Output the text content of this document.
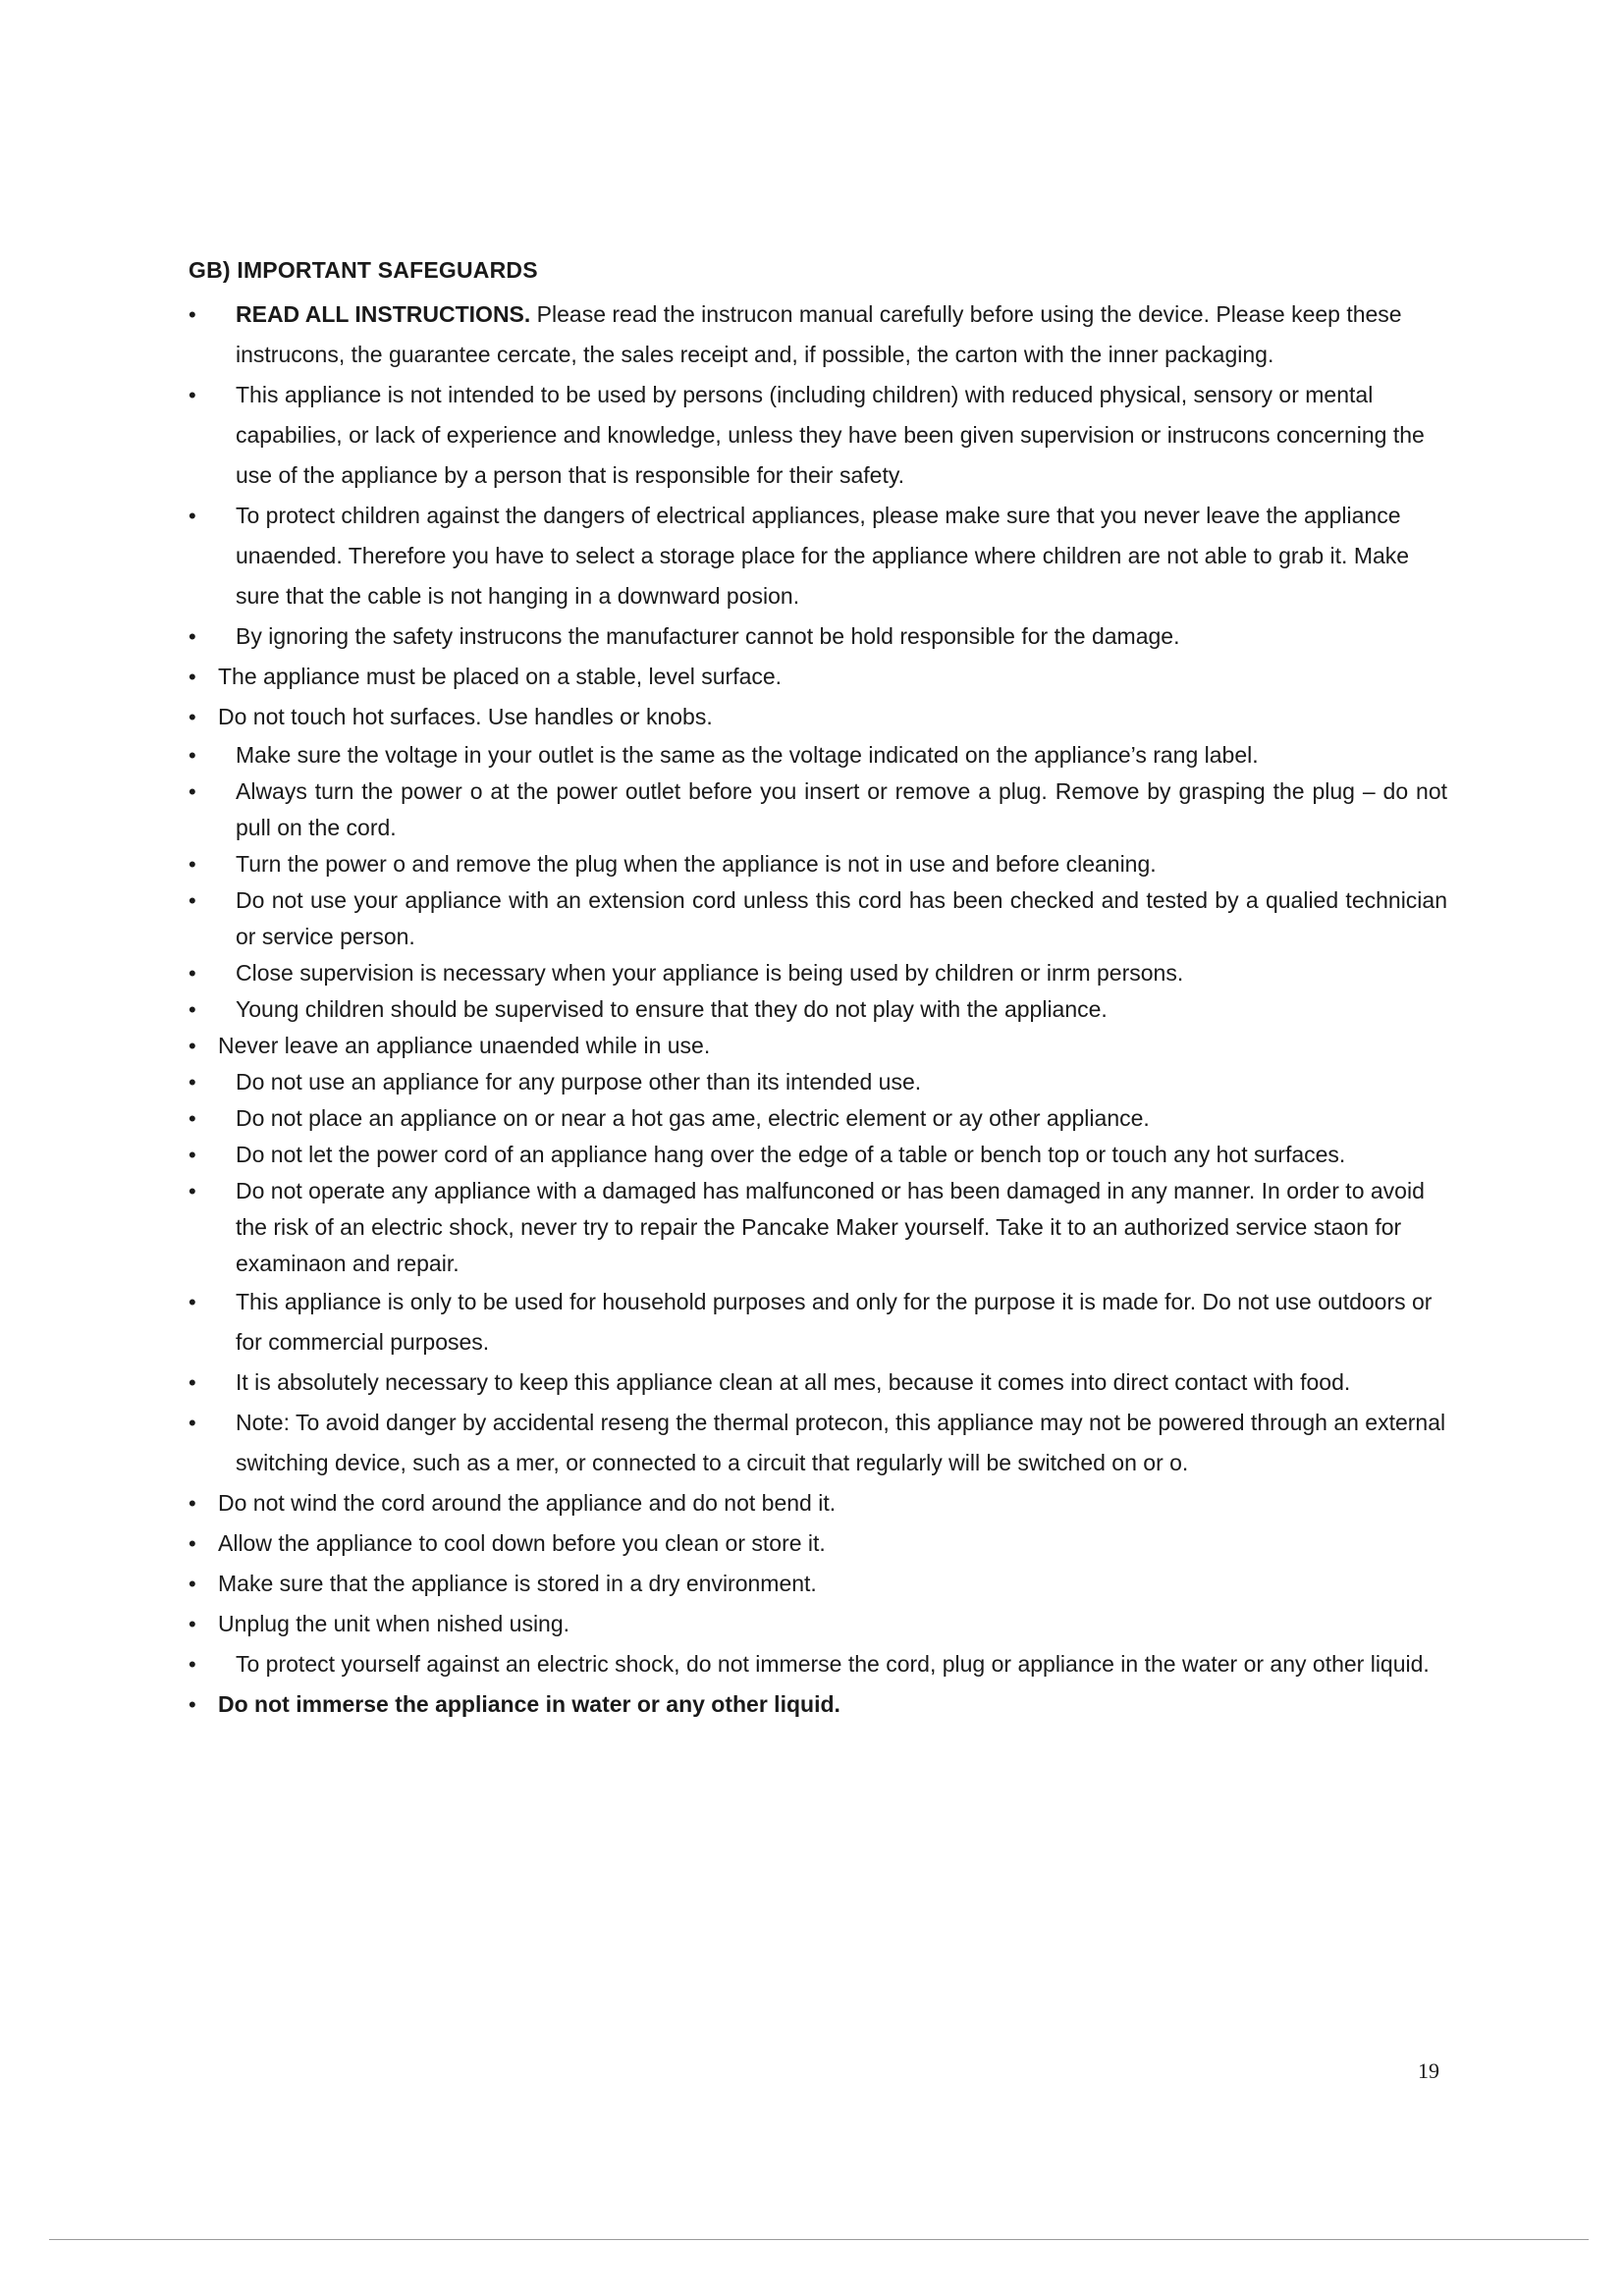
GB) IMPORTANT SAFEGUARDS
•	READ ALL INSTRUCTIONS. Please read the instrucon manual carefully before using the device. Please keep these instrucons, the guarantee cercate, the sales receipt and, if possible, the carton with the inner packaging.
•	This appliance is not intended to be used by persons (including children) with reduced physical, sensory or mental capabilies, or lack of experience and knowledge, unless they have been given supervision or instrucons concerning the use of the appliance by a person that is responsible for their safety.
•	To protect children against the dangers of electrical appliances, please make sure that you never leave the appliance unaended. Therefore you have to select a storage place for the appliance where children are not able to grab it. Make sure that the cable is not hanging in a downward posion.
•	By ignoring the safety instrucons the manufacturer cannot be hold responsible for the damage.
• The appliance must be placed on a stable, level surface.
• Do not touch hot surfaces. Use handles or knobs.
•	Make sure the voltage in your outlet is the same as the voltage indicated on the appliance’s rang label.
•	Always turn the power o at the power outlet before you insert or remove a plug. Remove by grasping the plug – do not pull on the cord.
•	Turn the power o and remove the plug when the appliance is not in use and before cleaning.
•	Do not use your appliance with an extension cord unless this cord has been checked and tested by a qualied technician or service person.
•	Close supervision is necessary when your appliance is being used by children or inrm persons.
•	Young children should be supervised to ensure that they do not play with the appliance.
• Never leave an appliance unaended while in use.
•	Do not use an appliance for any purpose other than its intended use.
•	Do not place an appliance on or near a hot gas ame, electric element or ay other appliance.
•	Do not let the power cord of an appliance hang over the edge of a table or bench top or touch any hot surfaces.
•	Do not operate any appliance with a damaged has malfunconed or has been damaged in any manner. In order to avoid the risk of an electric shock, never try to repair the Pancake Maker yourself. Take it to an authorized service staon for examinaon and repair.
•	This appliance is only to be used for household purposes and only for the purpose it is made for. Do not use outdoors or for commercial purposes.
•	It is absolutely necessary to keep this appliance clean at all mes, because it comes into direct contact with food.
•	Note: To avoid danger by accidental reseng the thermal protecon, this appliance may not be powered through an external switching device, such as a mer, or connected to a circuit that regularly will be switched on or o.
• Do not wind the cord around the appliance and do not bend it.
• Allow the appliance to cool down before you clean or store it.
• Make sure that the appliance is stored in a dry environment.
• Unplug the unit when nished using.
•	To protect yourself against an electric shock, do not immerse the cord, plug or appliance in the water or any other liquid.
• Do not immerse the appliance in water or any other liquid.
19
